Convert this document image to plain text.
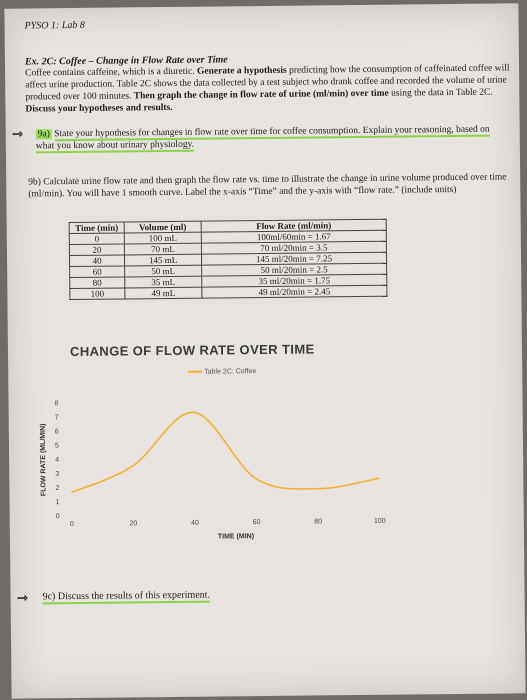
PYSO 1: Lab 8
Ex. 2C: Coffee – Change in Flow Rate over Time
Coffee contains caffeine, which is a diuretic. Generate a hypothesis predicting how the consumption of caffeinated coffee will affect urine production. Table 2C shows the data collected by a test subject who drank coffee and recorded the volume of urine produced over 100 minutes. Then graph the change in flow rate of urine (ml/min) over time using the data in Table 2C. Discuss your hypotheses and results.
⇾ 9a) State your hypothesis for changes in flow rate over time for coffee consumption. Explain your reasoning, based on what you know about urinary physiology.
9b) Calculate urine flow rate and then graph the flow rate vs. time to illustrate the change in urine volume produced over time (ml/min). You will have 1 smooth curve. Label the x-axis “Time” and the y-axis with “flow rate.” (include units)
Time (min)	Volume (ml)	Flow Rate (ml/min)
0	100 mL	100ml/60min = 1.67
20	70 mL	70 ml/20min = 3.5
40	145 mL	145 ml/20min = 7.25
60	50 mL	50 ml/20min = 2.5
80	35 mL	35 ml/20min = 1.75
100	49 mL	49 ml/20min = 2.45
CHANGE OF FLOW RATE OVER TIME
Table 2C: Coffee
0	20	40	60	80	100
0
1
2
3
4
5
6
7
8
TIME (MIN)
FLOW RATE (ML/MIN)
⇾ 9c) Discuss the results of this experiment.
